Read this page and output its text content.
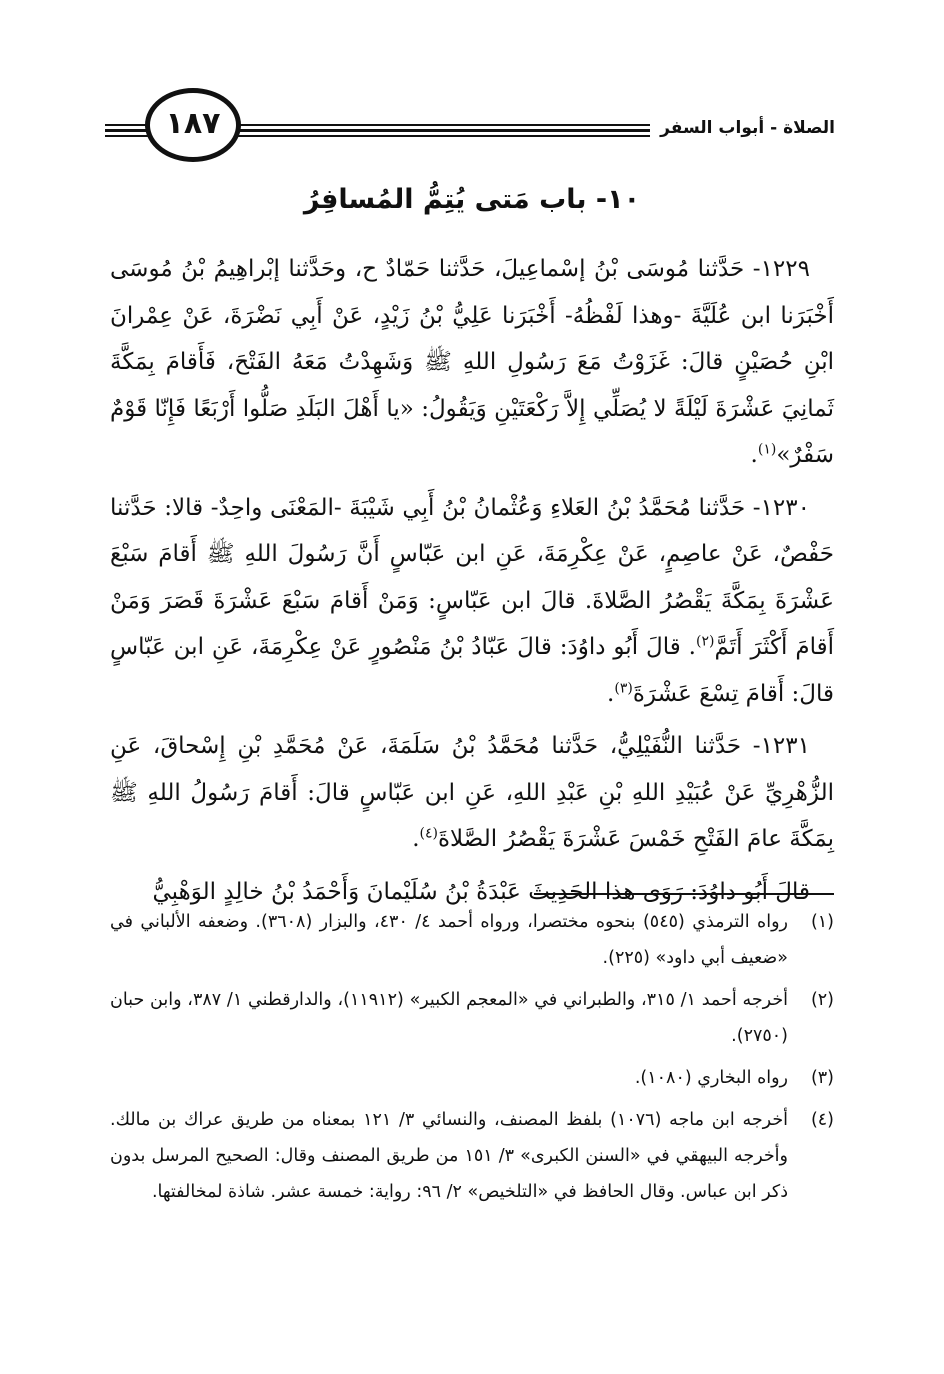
الصلاة - أبواب السفر
١٨٧
١٠- باب مَتى يُتِمُّ المُسافِرُ

١٢٢٩- حَدَّثنا مُوسَى بْنُ إسْماعِيلَ، حَدَّثنا حَمّادٌ ح، وحَدَّثنا إبْراهِيمُ بْنُ مُوسَى أَخْبَرَنا ابن عُلَيَّةَ -وهذا لَفْظُهُ- أَخْبَرَنا عَلِيُّ بْنُ زَيْدٍ، عَنْ أَبِي نَضْرَةَ، عَنْ عِمْرانَ ابْنِ حُصَيْنٍ قالَ: غَزَوْتُ مَعَ رَسُولِ اللهِ ﷺ وَشَهِدْتُ مَعَهُ الفَتْحَ، فَأَقامَ بِمَكَّةَ ثَمانِيَ عَشْرَةَ لَيْلَةً لا يُصَلِّي إِلاَّ رَكْعَتَيْنِ وَيَقُولُ: «يا أَهْلَ البَلَدِ صَلُّوا أَرْبَعًا فَإِنّا قَوْمٌ سَفْرٌ»$^{(١)}$.

١٢٣٠- حَدَّثنا مُحَمَّدُ بْنُ العَلاءِ وَعُثْمانُ بْنُ أَبِي شَيْبَةَ -المَعْنَى واحِدٌ- قالا: حَدَّثنا حَفْصٌ، عَنْ عاصِمٍ، عَنْ عِكْرِمَةَ، عَنِ ابن عَبّاسٍ أَنَّ رَسُولَ اللهِ ﷺ أَقامَ سَبْعَ عَشْرَةَ بِمَكَّةَ يَقْصُرُ الصَّلاةَ. قالَ ابن عَبّاسٍ: وَمَنْ أَقامَ سَبْعَ عَشْرَةَ قَصَرَ وَمَنْ أَقامَ أَكْثَرَ أَتَمَّ$^{(٢)}$. قالَ أَبُو داوُدَ: قالَ عَبّادُ بْنُ مَنْصُورٍ عَنْ عِكْرِمَةَ، عَنِ ابن عَبّاسٍ قالَ: أَقامَ تِسْعَ عَشْرَةَ$^{(٣)}$.

١٢٣١- حَدَّثنا النُّفَيْلِيُّ، حَدَّثنا مُحَمَّدُ بْنُ سَلَمَةَ، عَنْ مُحَمَّدِ بْنِ إِسْحاقَ، عَنِ الزُّهْرِيِّ عَنْ عُبَيْدِ اللهِ بْنِ عَبْدِ اللهِ، عَنِ ابن عَبّاسٍ قالَ: أَقامَ رَسُولُ اللهِ ﷺ بِمَكَّةَ عامَ الفَتْحِ خَمْسَ عَشْرَةَ يَقْصُرُ الصَّلاةَ$^{(٤)}$.

قالَ أَبُو داوُدَ: رَوَى هذا الحَدِيثَ عَبْدَةُ بْنُ سُلَيْمانَ وَأَحْمَدُ بْنُ خالِدٍ الوَهْبِيُّ

(١)
رواه الترمذي (٥٤٥) بنحوه مختصرا، ورواه أحمد ٤/ ٤٣٠، والبزار (٣٦٠٨). وضعفه الألباني في «ضعيف أبي داود» (٢٢٥).
(٢)
أخرجه أحمد ١/ ٣١٥، والطبراني في «المعجم الكبير» (١١٩١٢)، والدارقطني ١/ ٣٨٧، وابن حبان (٢٧٥٠).
(٣)
رواه البخاري (١٠٨٠).
(٤)
أخرجه ابن ماجه (١٠٧٦) بلفظ المصنف، والنسائي ٣/ ١٢١ بمعناه من طريق عراك بن مالك. وأخرجه البيهقي في «السنن الكبرى» ٣/ ١٥١ من طريق المصنف وقال: الصحيح المرسل بدون ذكر ابن عباس. وقال الحافظ في «التلخيص» ٢/ ٩٦: رواية: خمسة عشر. شاذة لمخالفتها.
